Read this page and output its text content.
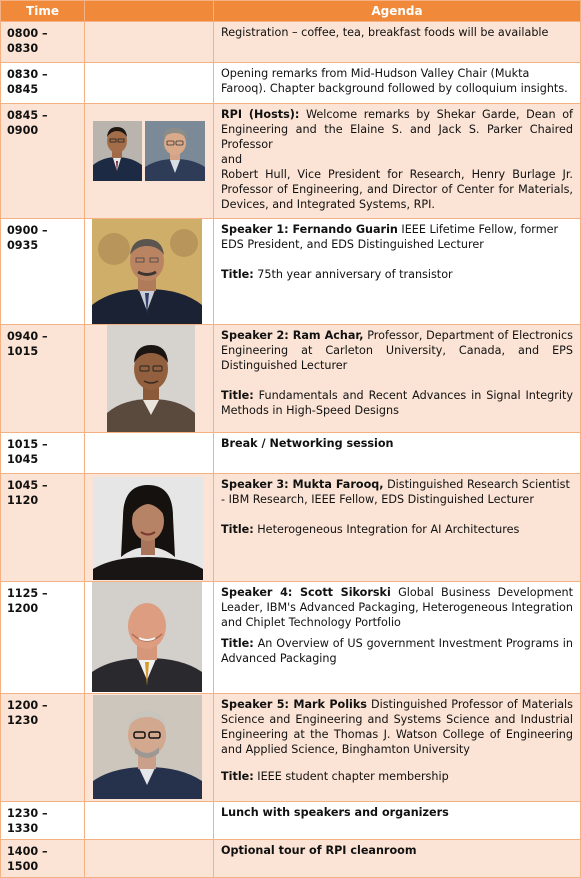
Time		Agenda
0800 – 0830		Registration – coffee, tea, breakfast foods will be available
0830 – 0845		Opening remarks from Mid-Hudson Valley Chair (Mukta Farooq). Chapter background followed by colloquium insights.
0845 – 0900		RPI (Hosts): Welcome remarks by Shekar Garde, Dean of Engineering and the Elaine S. and Jack S. Parker Chaired Professor
and
Robert Hull, Vice President for Research, Henry Burlage Jr. Professor of Engineering, and Director of Center for Materials, Devices, and Integrated Systems, RPI.
0900 – 0935		Speaker 1: Fernando Guarin IEEE Lifetime Fellow, former EDS President, and EDS Distinguished Lecturer
Title: 75th year anniversary of transistor
0940 – 1015		Speaker 2: Ram Achar, Professor, Department of Electronics Engineering at Carleton University, Canada, and EPS Distinguished Lecturer
Title: Fundamentals and Recent Advances in Signal Integrity Methods in High-Speed Designs
1015 – 1045		Break / Networking session
1045 – 1120		Speaker 3: Mukta Farooq, Distinguished Research Scientist - IBM Research, IEEE Fellow, EDS Distinguished Lecturer
Title: Heterogeneous Integration for AI Architectures
1125 – 1200		Speaker 4: Scott Sikorski Global Business Development Leader, IBM's Advanced Packaging, Heterogeneous Integration and Chiplet Technology Portfolio
Title: An Overview of US government Investment Programs in Advanced Packaging
1200 – 1230		Speaker 5: Mark Poliks Distinguished Professor of Materials Science and Engineering and Systems Science and Industrial Engineering at the Thomas J. Watson College of Engineering and Applied Science, Binghamton University
Title: IEEE student chapter membership
1230 – 1330		Lunch with speakers and organizers
1400 – 1500		Optional tour of RPI cleanroom
